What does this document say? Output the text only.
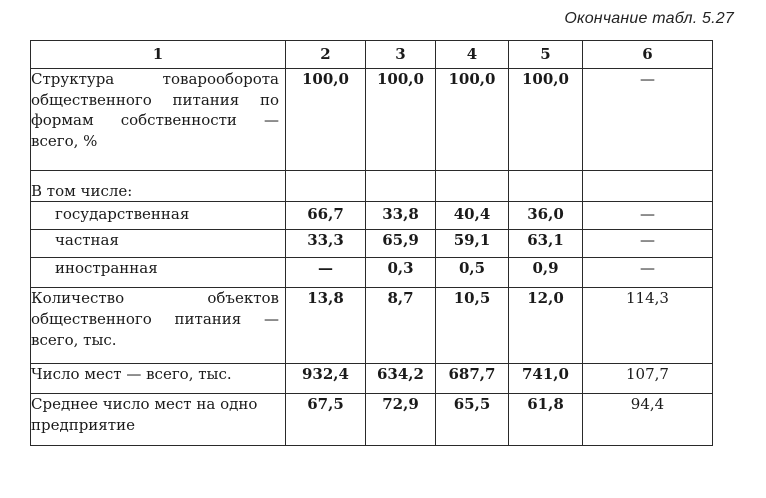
Окончание табл. 5.27
1	2	3	4	5	6
Структура товарооборота общественного питания по формам собственности — всего, %	100,0	100,0	100,0	100,0	—
В том числе:					

государственная	66,7	33,8	40,4	36,0	—

частная	33,3	65,9	59,1	63,1	—

иностранная	—	0,3	0,5	0,9	—
Количество объектов общественного питания — всего, тыс.	13,8	8,7	10,5	12,0	114,3
Число мест — всего, тыс.	932,4	634,2	687,7	741,0	107,7
Среднее число мест на одно предприятие	67,5	72,9	65,5	61,8	94,4
